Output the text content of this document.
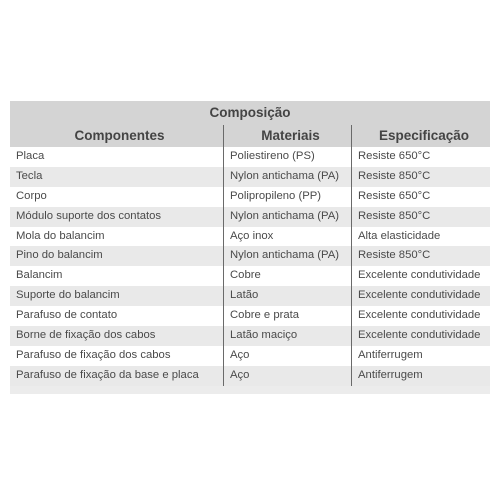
Composição
Componentes	Materiais	Especificação
Placa	Poliestireno (PS)	Resiste 650°C
Tecla	Nylon antichama (PA)	Resiste 850°C
Corpo	Polipropileno (PP)	Resiste 650°C
Módulo suporte dos contatos	Nylon antichama (PA)	Resiste 850°C
Mola do balancim	Aço inox	Alta elasticidade
Pino do balancim	Nylon antichama (PA)	Resiste 850°C
Balancim	Cobre	Excelente condutividade
Suporte do balancim	Latão	Excelente condutividade
Parafuso de contato	Cobre e prata	Excelente condutividade
Borne de fixação dos cabos	Latão maciço	Excelente condutividade
Parafuso de fixação dos cabos	Aço	Antiferrugem
Parafuso de fixação da base e placa	Aço	Antiferrugem
